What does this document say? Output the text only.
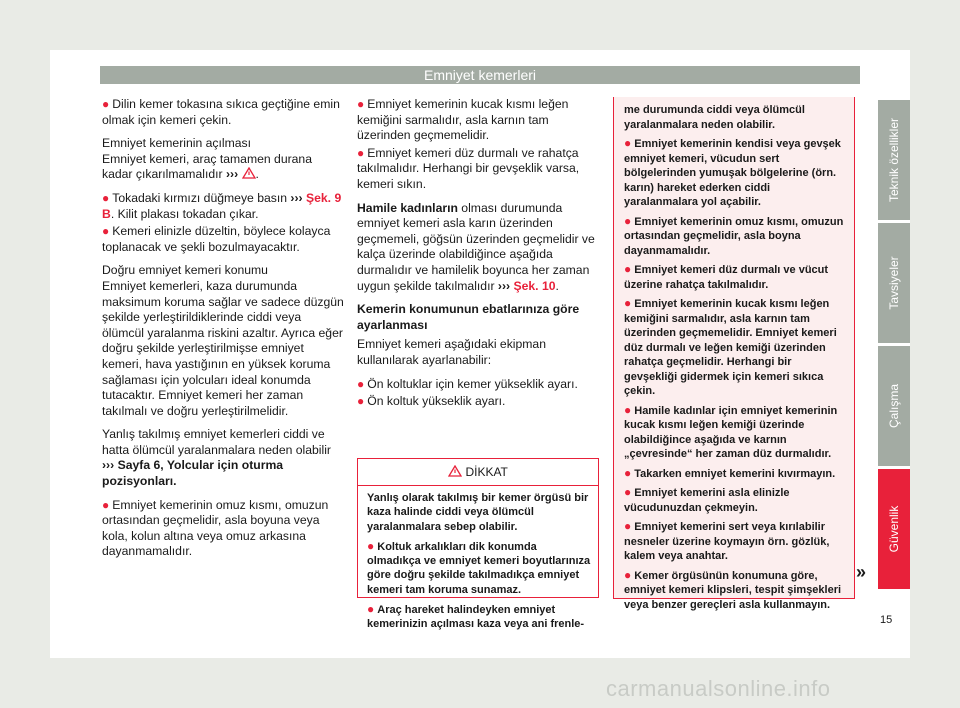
Emniyet kemerleri

● Dilin kemer tokasına sıkıca geçtiğine emin olmak için kemeri çekin.

Emniyet kemerinin açılması

Emniyet kemeri, araç tamamen durana kadar çıkarılmamalıdır ››› .

● Tokadaki kırmızı düğmeye basın ››› Şek. 9 B. Kilit plakası tokadan çıkar.

● Kemeri elinizle düzeltin, böylece kolayca toplanacak ve şekli bozulmayacaktır.

Doğru emniyet kemeri konumu

Emniyet kemerleri, kaza durumunda maksimum koruma sağlar ve sadece düzgün şekilde yerleştirildiklerinde ciddi veya ölümcül yaralanma riskini azaltır. Ayrıca eğer doğru şekilde yerleştirilmişse emniyet kemeri, hava yastığının en yüksek koruma sağlaması için yolcuları ideal konumda tutacaktır. Emniyet kemeri her zaman takılmalı ve doğru yerleştirilmelidir.

Yanlış takılmış emniyet kemerleri ciddi ve hatta ölümcül yaralanmalara neden olabilir ››› Sayfa 6, Yolcular için oturma pozisyonları.

● Emniyet kemerinin omuz kısmı, omuzun ortasından geçmelidir, asla boyuna veya kola, kolun altına veya omuz arkasına dayanmamalıdır.

● Emniyet kemerinin kucak kısmı leğen kemiğini sarmalıdır, asla karnın tam üzerinden geçmemelidir.

● Emniyet kemeri düz durmalı ve rahatça takılmalıdır. Herhangi bir gevşeklik varsa, kemeri sıkın.

Hamile kadınların olması durumunda emniyet kemeri asla karın üzerinden geçmemeli, göğsün üzerinden geçmelidir ve kalça üzerinde olabildiğince aşağıda durmalıdır ve hamilelik boyunca her zaman uygun şekilde takılmalıdır ››› Şek. 10.

Kemerin konumunun ebatlarınıza göre ayarlanması

Emniyet kemeri aşağıdaki ekipman kullanılarak ayarlanabilir:

● Ön koltuklar için kemer yükseklik ayarı.

● Ön koltuk yükseklik ayarı.

DİKKAT

Yanlış olarak takılmış bir kemer örgüsü bir kaza halinde ciddi veya ölümcül yaralanmalara sebep olabilir.

● Koltuk arkalıkları dik konumda olmadıkça ve emniyet kemeri boyutlarınıza göre doğru şekilde takılmadıkça emniyet kemeri tam koruma sunamaz.

● Araç hareket halindeyken emniyet kemerinizin açılması kaza veya ani frenle-

me durumunda ciddi veya ölümcül yaralanmalara neden olabilir.

● Emniyet kemerinin kendisi veya gevşek emniyet kemeri, vücudun sert bölgelerinden yumuşak bölgelerine (örn. karın) hareket ederken ciddi yaralanmalara yol açabilir.

● Emniyet kemerinin omuz kısmı, omuzun ortasından geçmelidir, asla boyna dayanmamalıdır.

● Emniyet kemeri düz durmalı ve vücut üzerine rahatça takılmalıdır.

● Emniyet kemerinin kucak kısmı leğen kemiğini sarmalıdır, asla karnın tam üzerinden geçmemelidir. Emniyet kemeri düz durmalı ve leğen kemiği üzerinden rahatça geçmelidir. Herhangi bir gevşekliği gidermek için kemeri sıkıca çekin.

● Hamile kadınlar için emniyet kemerinin kucak kısmı leğen kemiği üzerinde olabildiğince aşağıda ve karnın „çevresinde“ her zaman düz durmalıdır.

● Takarken emniyet kemerini kıvırmayın.

● Emniyet kemerini asla elinizle vücudunuzdan çekmeyin.

● Emniyet kemerini sert veya kırılabilir nesneler üzerine koymayın örn. gözlük, kalem veya anahtar.

● Kemer örgüsünün konumuna göre, emniyet kemeri klipsleri, tespit şimşekleri veya benzer gereçleri asla kullanmayın.

»
Teknik özellikler
Tavsiyeler
Çalışma
Güvenlik
15
carmanualsonline.info
